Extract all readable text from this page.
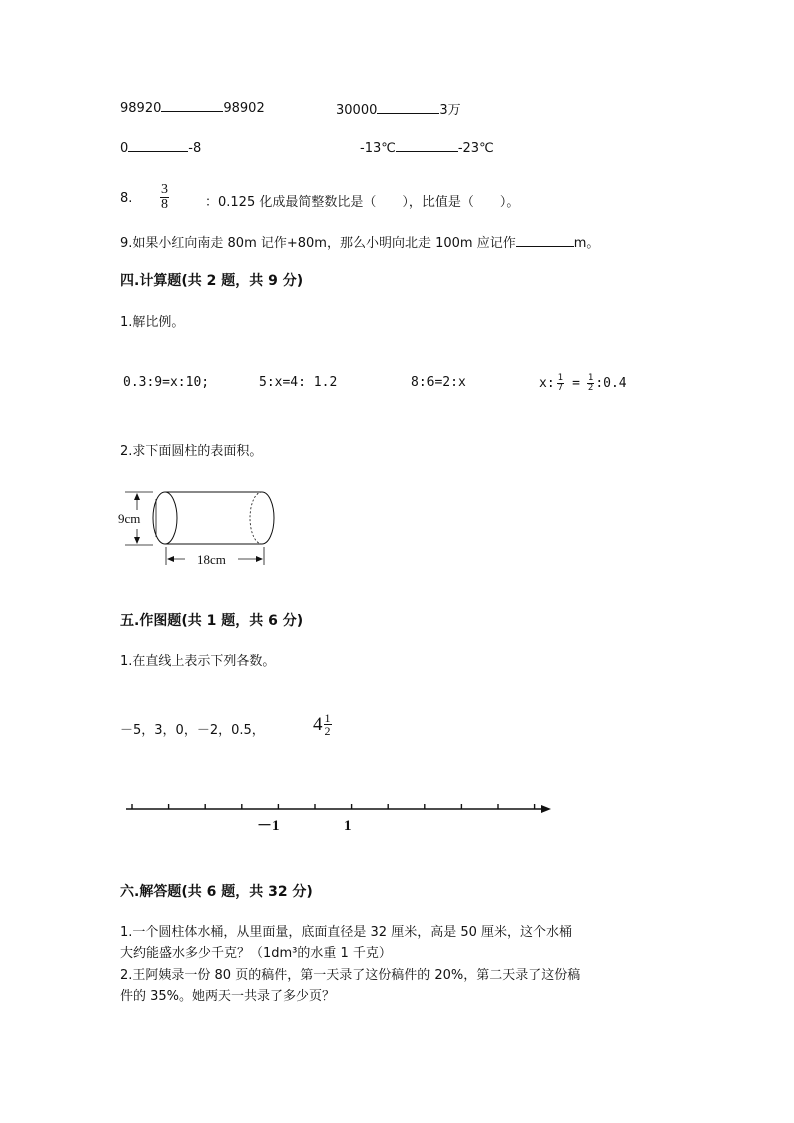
98920	98902	30000	3万
0	-8	-13℃	-23℃
8. $\frac{3}{8}$	：0.125 化成最简整数比是（　　），比值是（　　）。
9.如果小红向南走 80m 记作+80m，那么小明向北走 100m 应记作	m。
四.计算题(共 2 题，共 9 分)
1.解比例。
0.3:9=x:10;	5:x=4: 1.2	8:6=2:x	x: $\frac{1}{7} = \frac{1}{2}$ :0.4
2.求下面圆柱的表面积。
9cm
18cm
五.作图题(共 1 题，共 6 分)
1.在直线上表示下列各数。
－5，3，0，－2，0.5，	$4 \frac{1}{2}$
－1	1
六.解答题(共 6 题，共 32 分)
1.一个圆柱体水桶，从里面量，底面直径是 32 厘米，高是 50 厘米，这个水桶
大约能盛水多少千克？（1dm³的水重 1 千克）
2.王阿姨录一份 80 页的稿件，第一天录了这份稿件的 20%，第二天录了这份稿
件的 35%。她两天一共录了多少页？
